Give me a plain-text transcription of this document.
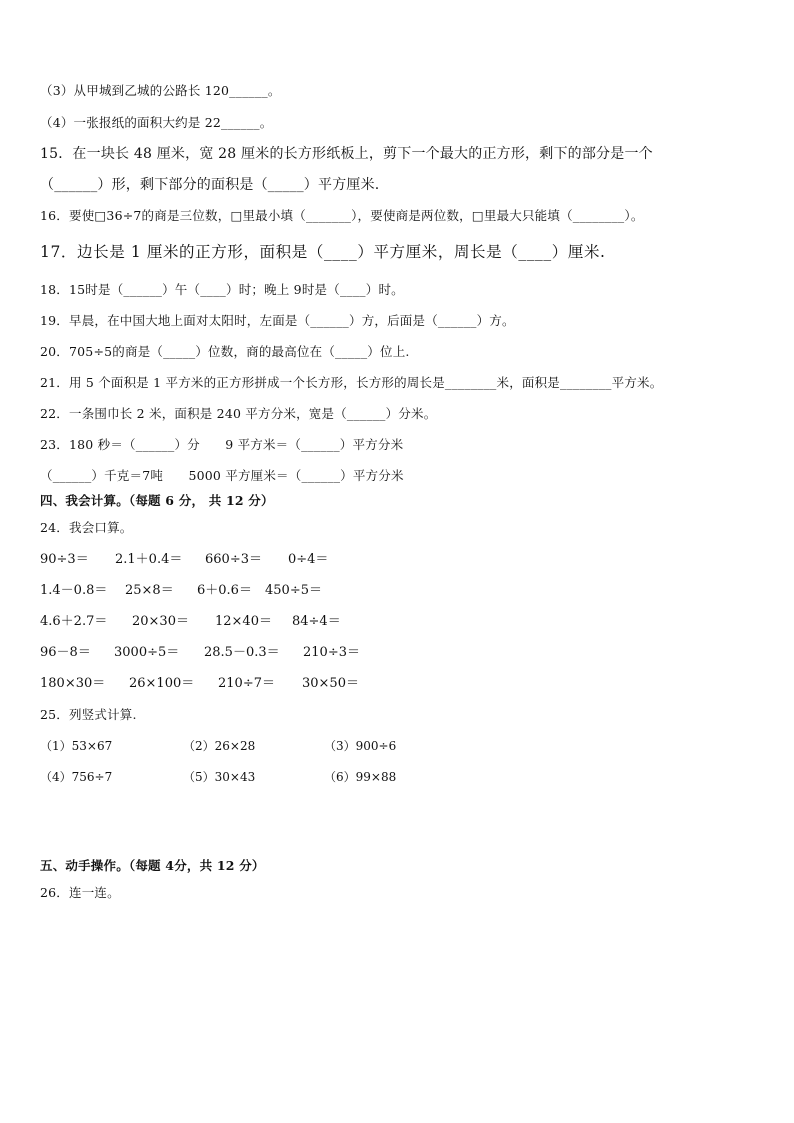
（3）从甲城到乙城的公路长 120______。
（4）一张报纸的面积大约是 22______。
15．在一块长 48 厘米，宽 28 厘米的长方形纸板上，剪下一个最大的正方形，剩下的部分是一个
（______）形，剩下部分的面积是（_____）平方厘米.
16．要使□36÷7的商是三位数，□里最小填（_______），要使商是两位数，□里最大只能填（________）。
17．边长是 1 厘米的正方形，面积是（____）平方厘米，周长是（____）厘米.
18．15时是（______）午（____）时；晚上 9时是（____）时。
19．早晨，在中国大地上面对太阳时，左面是（______）方，后面是（______）方。
20．705÷5的商是（_____）位数，商的最高位在（_____）位上.
21．用 5 个面积是 1 平方米的正方形拼成一个长方形，长方形的周长是________米，面积是________平方米。
22．一条围巾长 2 米，面积是 240 平方分米，宽是（______）分米。
23．180 秒＝（______）分　　9 平方米＝（______）平方分米
（______）千克＝7吨　　5000 平方厘米＝（______）平方分米
四、我会计算。（每题 6 分， 共 12 分）
24．我会口算。
90÷3＝ 2.1＋0.4＝ 660÷3＝ 0÷4＝
1.4－0.8＝ 25×8＝ 6＋0.6＝ 450÷5＝
4.6＋2.7＝ 20×30＝ 12×40＝ 84÷4＝
96－8＝ 3000÷5＝ 28.5－0.3＝ 210÷3＝
180×30＝ 26×100＝ 210÷7＝ 30×50＝
25．列竖式计算.
（1）53×67	（2）26×28	（3）900÷6
（4）756÷7	（5）30×43	（6）99×88
五、动手操作。（每题 4分，共 12 分）
26．连一连。
